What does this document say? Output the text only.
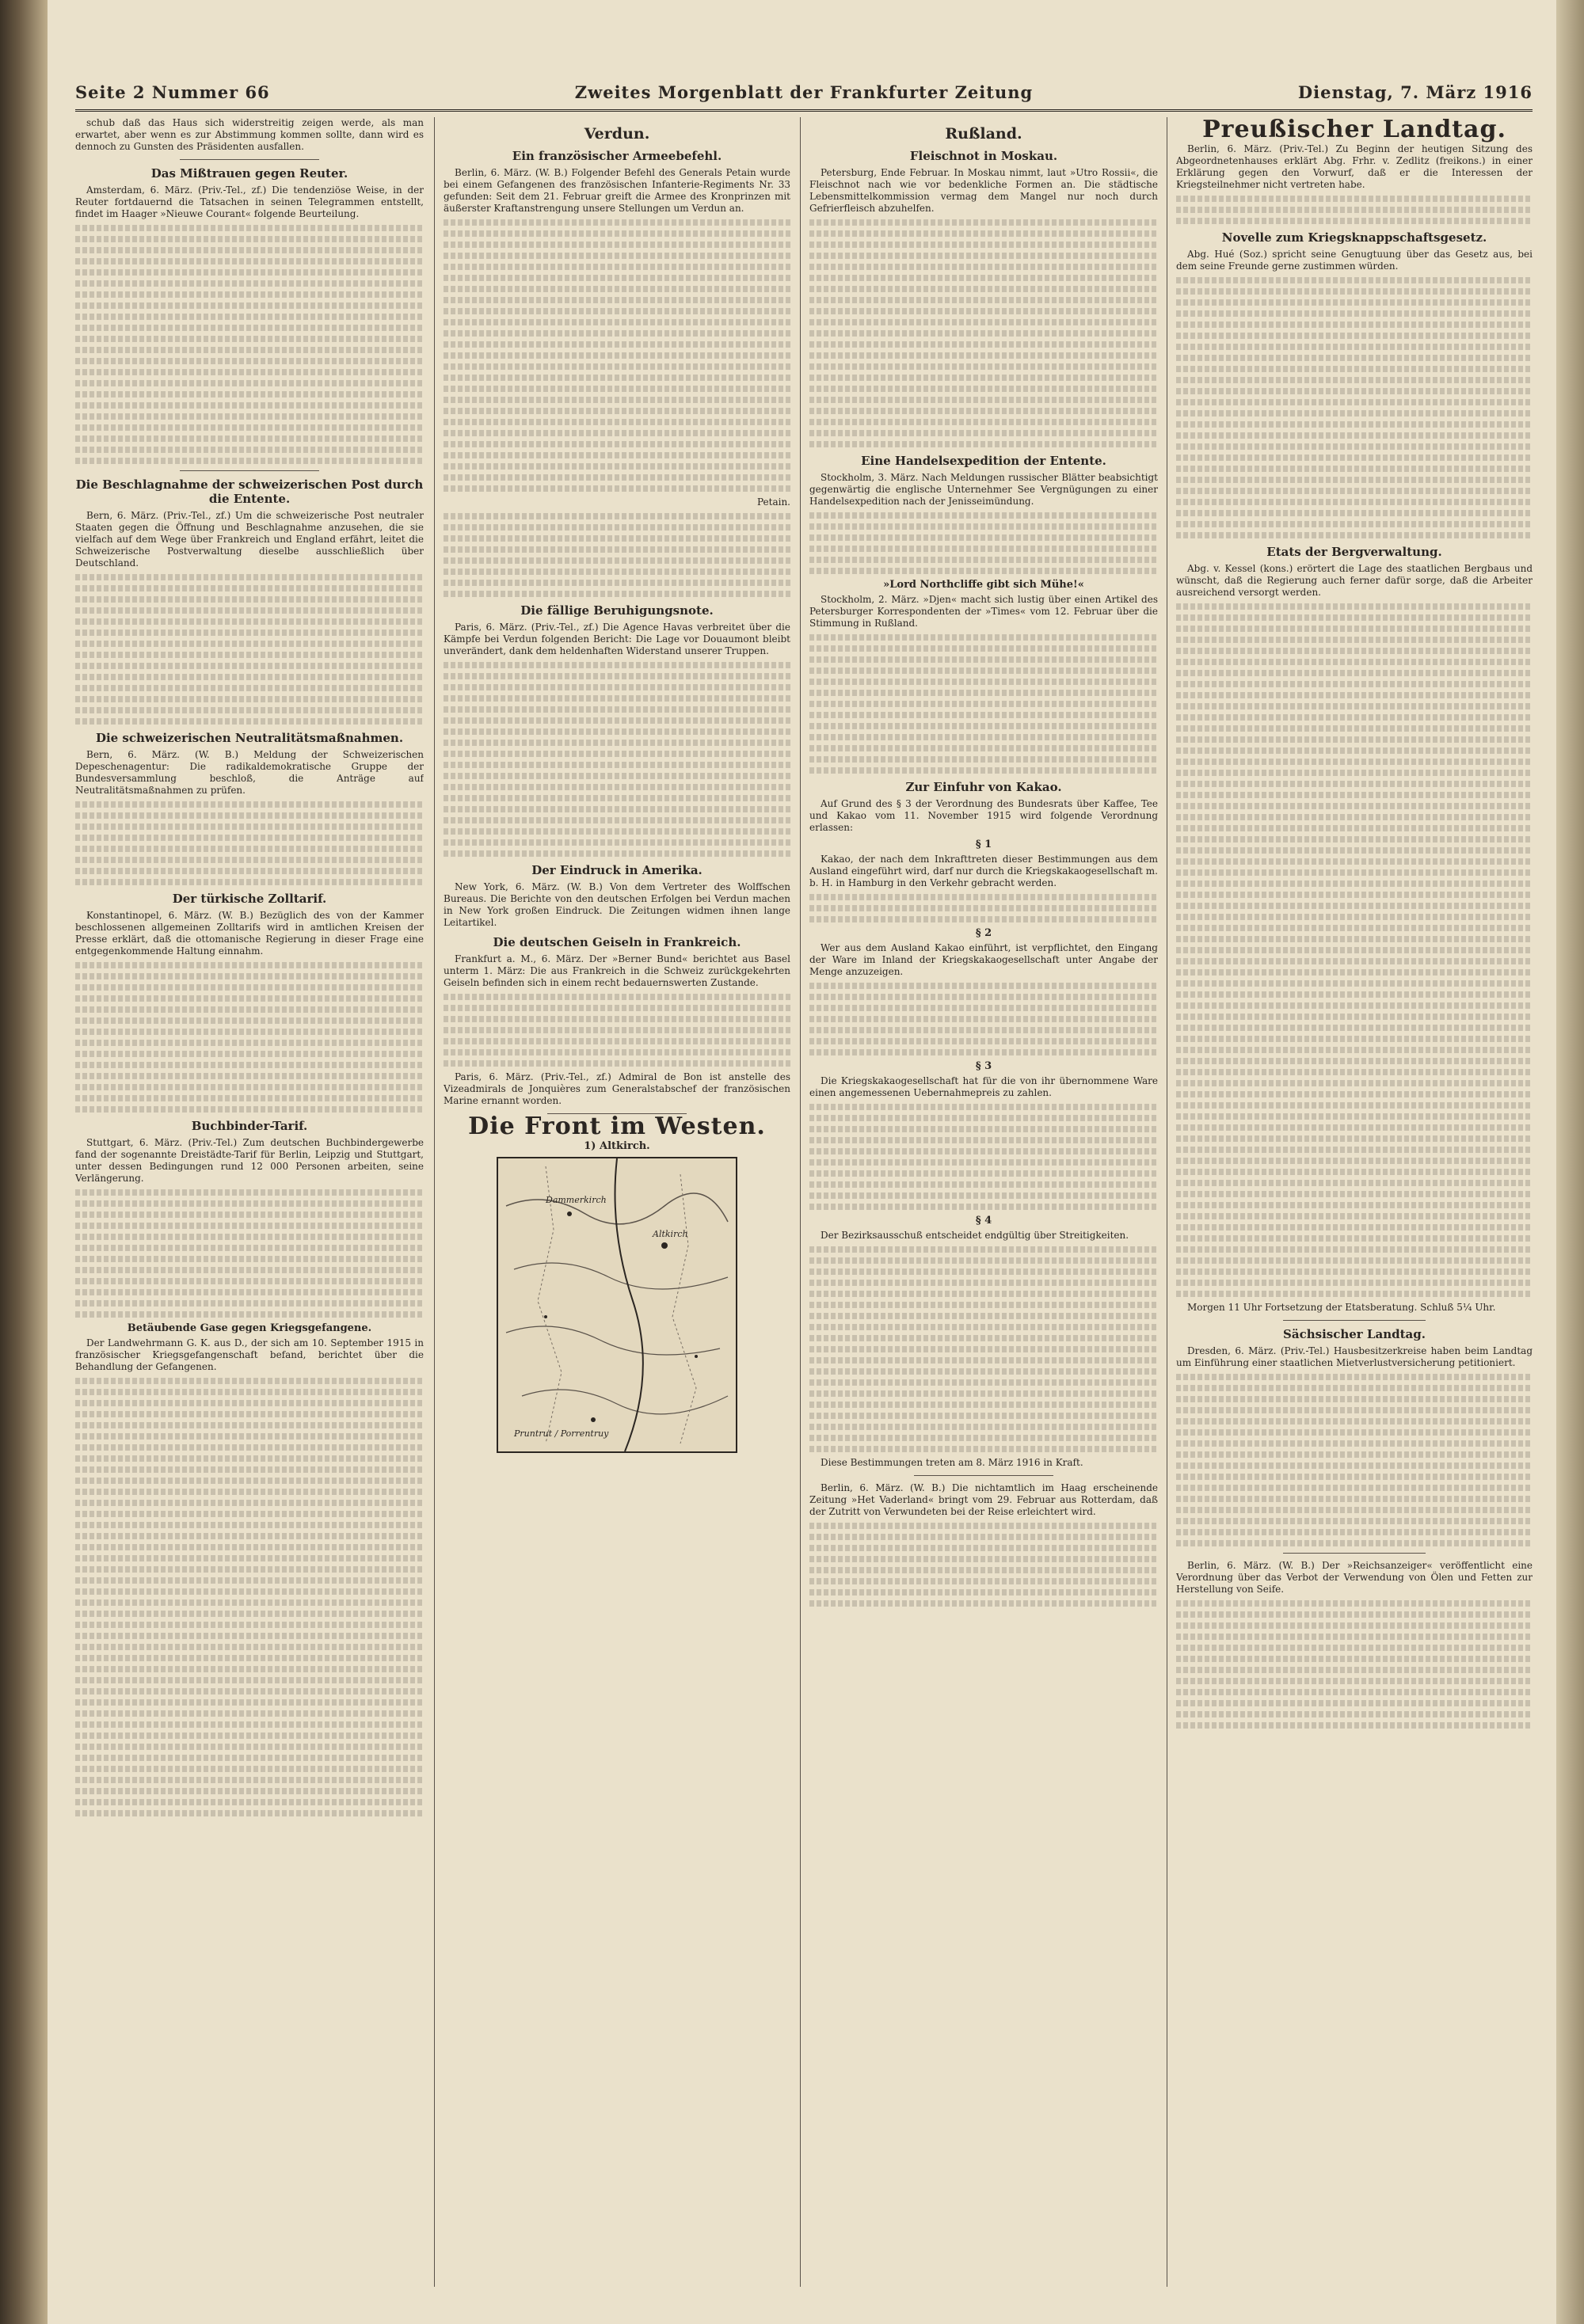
Seite 2 Nummer 66	Zweites Morgenblatt der Frankfurter Zeitung	Dienstag, 7. März 1916

schub daß das Haus sich widerstreitig zeigen werde, als man erwartet, aber wenn es zur Abstimmung kommen sollte, dann wird es dennoch zu Gunsten des Präsidenten ausfallen.

Das Mißtrauen gegen Reuter.

Amsterdam, 6. März. (Priv.-Tel., zf.) Die tendenziöse Weise, in der Reuter fortdauernd die Tatsachen in seinen Telegrammen entstellt, findet im Haager »Nieuwe Courant« folgende Beurteilung.

Die Beschlagnahme der schweizerischen Post durch die Entente.

Bern, 6. März. (Priv.-Tel., zf.) Um die schweizerische Post neutraler Staaten gegen die Öffnung und Beschlagnahme anzusehen, die sie vielfach auf dem Wege über Frankreich und England erfährt, leitet die Schweizerische Postverwaltung dieselbe ausschließlich über Deutschland.

Die schweizerischen Neutralitätsmaßnahmen.

Bern, 6. März. (W. B.) Meldung der Schweizerischen Depeschenagentur: Die radikaldemokratische Gruppe der Bundesversammlung beschloß, die Anträge auf Neutralitätsmaßnahmen zu prüfen.

Der türkische Zolltarif.

Konstantinopel, 6. März. (W. B.) Bezüglich des von der Kammer beschlossenen allgemeinen Zolltarifs wird in amtlichen Kreisen der Presse erklärt, daß die ottomanische Regierung in dieser Frage eine entgegenkommende Haltung einnahm.

Buchbinder-Tarif.

Stuttgart, 6. März. (Priv.-Tel.) Zum deutschen Buchbindergewerbe fand der sogenannte Dreistädte-Tarif für Berlin, Leipzig und Stuttgart, unter dessen Bedingungen rund 12 000 Personen arbeiten, seine Verlängerung.

Betäubende Gase gegen Kriegsgefangene.

Der Landwehrmann G. K. aus D., der sich am 10. September 1915 in französischer Kriegsgefangenschaft befand, berichtet über die Behandlung der Gefangenen.

Verdun.
Ein französischer Armeebefehl.

Berlin, 6. März. (W. B.) Folgender Befehl des Generals Petain wurde bei einem Gefangenen des französischen Infanterie-Regiments Nr. 33 gefunden: Seit dem 21. Februar greift die Armee des Kronprinzen mit äußerster Kraftanstrengung unsere Stellungen um Verdun an.

Petain.

Die fällige Beruhigungsnote.

Paris, 6. März. (Priv.-Tel., zf.) Die Agence Havas verbreitet über die Kämpfe bei Verdun folgenden Bericht: Die Lage vor Douaumont bleibt unverändert, dank dem heldenhaften Widerstand unserer Truppen.

Der Eindruck in Amerika.

New York, 6. März. (W. B.) Von dem Vertreter des Wolffschen Bureaus. Die Berichte von den deutschen Erfolgen bei Verdun machen in New York großen Eindruck. Die Zeitungen widmen ihnen lange Leitartikel.

Die deutschen Geiseln in Frankreich.

Frankfurt a. M., 6. März. Der »Berner Bund« berichtet aus Basel unterm 1. März: Die aus Frankreich in die Schweiz zurückgekehrten Geiseln befinden sich in einem recht bedauernswerten Zustande.

Paris, 6. März. (Priv.-Tel., zf.) Admiral de Bon ist anstelle des Vizeadmirals de Jonquières zum Generalstabschef der französischen Marine ernannt worden.

Die Front im Westen.
1) Altkirch.
Dammerkirch
Altkirch
Pruntrut / Porrentruy
Rußland.
Fleischnot in Moskau.

Petersburg, Ende Februar. In Moskau nimmt, laut »Utro Rossii«, die Fleischnot nach wie vor bedenkliche Formen an. Die städtische Lebensmittelkommission vermag dem Mangel nur noch durch Gefrierfleisch abzuhelfen.

Eine Handelsexpedition der Entente.

Stockholm, 3. März. Nach Meldungen russischer Blätter beabsichtigt gegenwärtig die englische Unternehmer See Vergnügungen zu einer Handelsexpedition nach der Jenisseimündung.

»Lord Northcliffe gibt sich Mühe!«

Stockholm, 2. März. »Djen« macht sich lustig über einen Artikel des Petersburger Korrespondenten der »Times« vom 12. Februar über die Stimmung in Rußland.

Zur Einfuhr von Kakao.

Auf Grund des § 3 der Verordnung des Bundesrats über Kaffee, Tee und Kakao vom 11. November 1915 wird folgende Verordnung erlassen:

§ 1

Kakao, der nach dem Inkrafttreten dieser Bestimmungen aus dem Ausland eingeführt wird, darf nur durch die Kriegskakaogesellschaft m. b. H. in Hamburg in den Verkehr gebracht werden.

§ 2

Wer aus dem Ausland Kakao einführt, ist verpflichtet, den Eingang der Ware im Inland der Kriegskakaogesellschaft unter Angabe der Menge anzuzeigen.

§ 3

Die Kriegskakaogesellschaft hat für die von ihr übernommene Ware einen angemessenen Uebernahmepreis zu zahlen.

§ 4

Der Bezirksausschuß entscheidet endgültig über Streitigkeiten.

Diese Bestimmungen treten am 8. März 1916 in Kraft.

Berlin, 6. März. (W. B.) Die nichtamtlich im Haag erscheinende Zeitung »Het Vaderland« bringt vom 29. Februar aus Rotterdam, daß der Zutritt von Verwundeten bei der Reise erleichtert wird.

Preußischer Landtag.

Berlin, 6. März. (Priv.-Tel.) Zu Beginn der heutigen Sitzung des Abgeordnetenhauses erklärt Abg. Frhr. v. Zedlitz (freikons.) in einer Erklärung gegen den Vorwurf, daß er die Interessen der Kriegsteilnehmer nicht vertreten habe.

Novelle zum Kriegsknappschaftsgesetz.

Abg. Hué (Soz.) spricht seine Genugtuung über das Gesetz aus, bei dem seine Freunde gerne zustimmen würden.

Etats der Bergverwaltung.

Abg. v. Kessel (kons.) erörtert die Lage des staatlichen Bergbaus und wünscht, daß die Regierung auch ferner dafür sorge, daß die Arbeiter ausreichend versorgt werden.

Morgen 11 Uhr Fortsetzung der Etatsberatung. Schluß 5¼ Uhr.

Sächsischer Landtag.

Dresden, 6. März. (Priv.-Tel.) Hausbesitzerkreise haben beim Landtag um Einführung einer staatlichen Mietverlustversicherung petitioniert.

Berlin, 6. März. (W. B.) Der »Reichsanzeiger« veröffentlicht eine Verordnung über das Verbot der Verwendung von Ölen und Fetten zur Herstellung von Seife.
